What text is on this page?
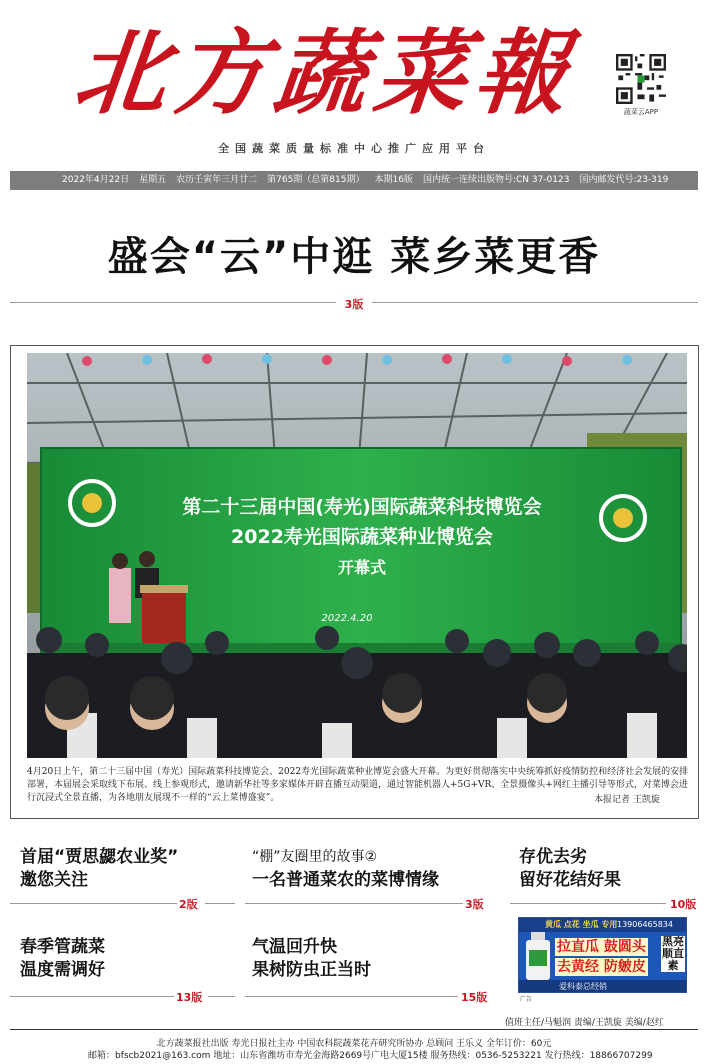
北方蔬菜報	蔬菜云APP
全国蔬菜质量标准中心推广应用平台
2022年4月22日 星期五 农历壬寅年三月廿二 第765期（总第815期） 本期16版 国内统一连续出版物号:CN 37-0123 国内邮发代号:23-319
盛会“云”中逛 菜乡菜更香
3版
第二十三届中国(寿光)国际蔬菜科技博览会
2022寿光国际蔬菜种业博览会
开幕式
2022.4.20
4月20日上午，第二十三届中国（寿光）国际蔬菜科技博览会、2022寿光国际蔬菜种业博览会盛大开幕。为更好贯彻落实中央统筹抓好疫情防控和经济社会发展的安排部署，本届展会采取线下布展、线上参观形式，邀请新华社等多家媒体开辟直播互动渠道，通过智能机器人+5G+VR、全景摄像头+网红主播引导等形式，对菜博会进行沉浸式全景直播，为各地朋友展现不一样的“云上菜博盛宴”。	本报记者 王凯旋
首届“贾思勰农业奖”
邀您关注
2版
“棚”友圈里的故事②
一名普通菜农的菜博情缘
3版
存优去劣
留好花结好果
10版
春季管蔬菜
温度需调好
13版
气温回升快
果树防虫正当时
15版
黄瓜 点花 坐瓜 专用 13906465834
拉直瓜 鼓圆头
去黄经 防皴皮
黑亮顺直素
爱科泰总经销
广告
值班主任/马魁润 责编/王凯旋 美编/赵红
北方蔬菜报社出版 寿光日报社主办 中国农科院蔬菜花卉研究所协办 总顾问 王乐义 全年订价：60元
邮箱：bfscb2021@163.com 地址：山东省潍坊市寿光金海路2669号广电大厦15楼 服务热线：0536-5253221 发行热线：18866707299
